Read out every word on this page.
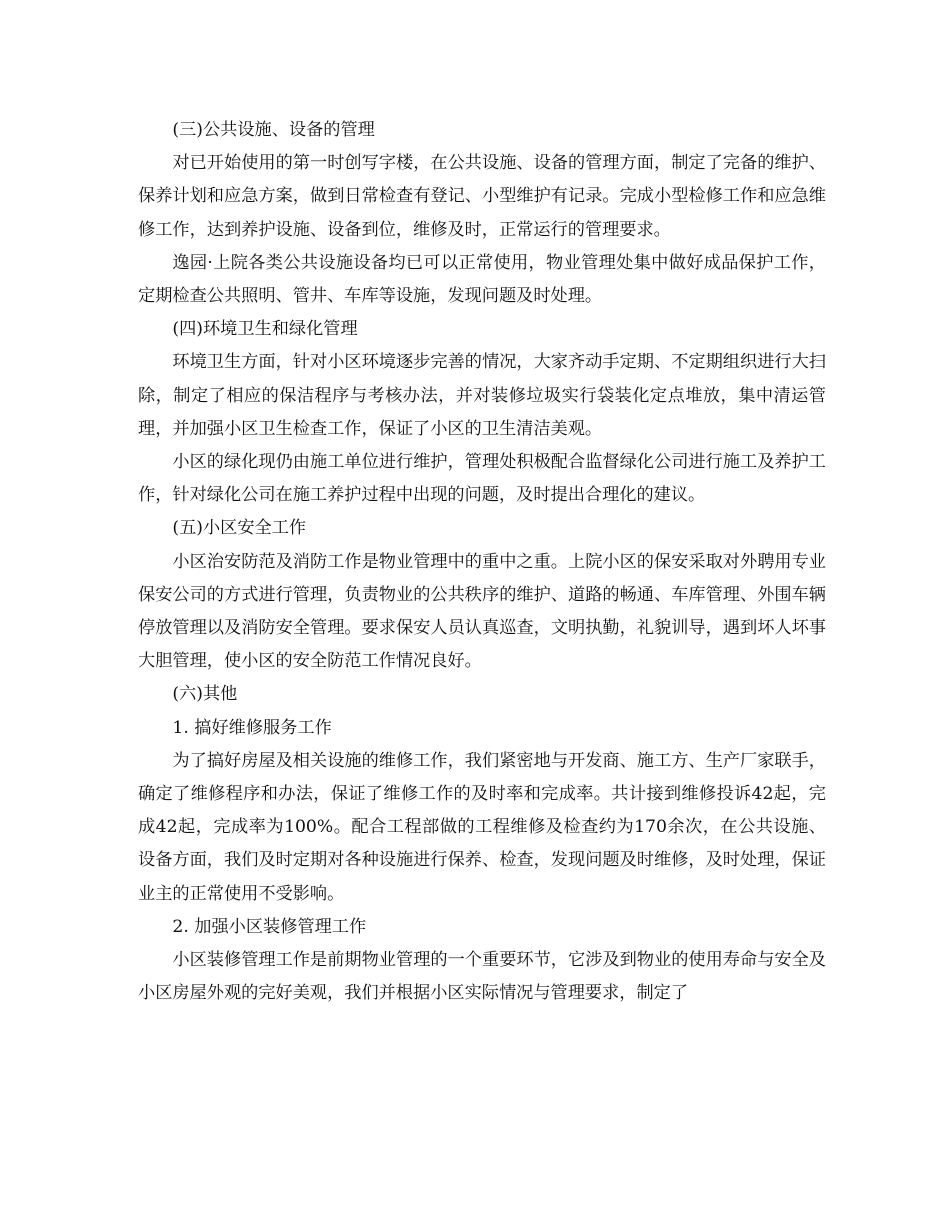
(三)公共设施、设备的管理

对已开始使用的第一时创写字楼，在公共设施、设备的管理方面，制定了完备的维护、保养计划和应急方案，做到日常检查有登记、小型维护有记录。完成小型检修工作和应急维修工作，达到养护设施、设备到位，维修及时，正常运行的管理要求。

逸园·上院各类公共设施设备均已可以正常使用，物业管理处集中做好成品保护工作，定期检查公共照明、管井、车库等设施，发现问题及时处理。

(四)环境卫生和绿化管理

环境卫生方面，针对小区环境逐步完善的情况，大家齐动手定期、不定期组织进行大扫除，制定了相应的保洁程序与考核办法，并对装修垃圾实行袋装化定点堆放，集中清运管理，并加强小区卫生检查工作，保证了小区的卫生清洁美观。

小区的绿化现仍由施工单位进行维护，管理处积极配合监督绿化公司进行施工及养护工作，针对绿化公司在施工养护过程中出现的问题，及时提出合理化的建议。

(五)小区安全工作

小区治安防范及消防工作是物业管理中的重中之重。上院小区的保安采取对外聘用专业保安公司的方式进行管理，负责物业的公共秩序的维护、道路的畅通、车库管理、外围车辆停放管理以及消防安全管理。要求保安人员认真巡查，文明执勤，礼貌训导，遇到坏人坏事大胆管理，使小区的安全防范工作情况良好。

(六)其他

1. 搞好维修服务工作

为了搞好房屋及相关设施的维修工作，我们紧密地与开发商、施工方、生产厂家联手，确定了维修程序和办法，保证了维修工作的及时率和完成率。共计接到维修投诉42起，完成42起，完成率为100%。配合工程部做的工程维修及检查约为170余次，在公共设施、设备方面，我们及时定期对各种设施进行保养、检查，发现问题及时维修，及时处理，保证业主的正常使用不受影响。

2. 加强小区装修管理工作

小区装修管理工作是前期物业管理的一个重要环节，它涉及到物业的使用寿命与安全及小区房屋外观的完好美观，我们并根据小区实际情况与管理要求，制定了
